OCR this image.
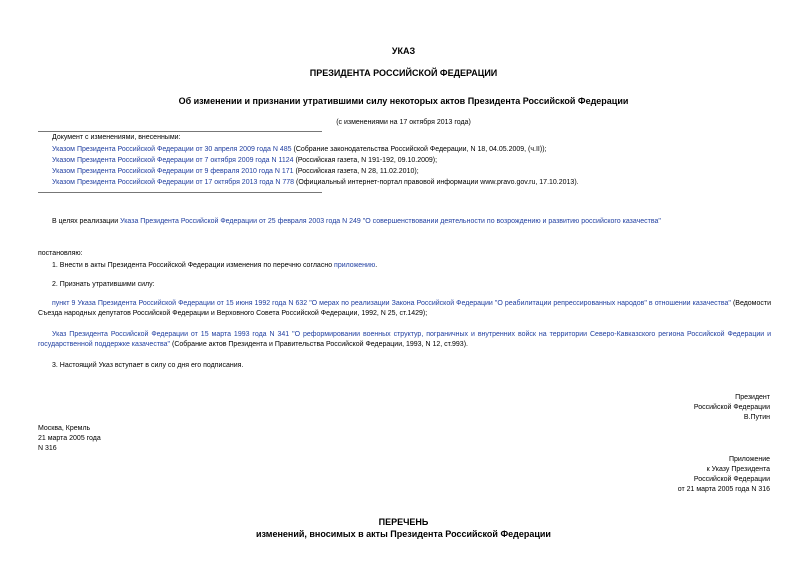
УКАЗ
ПРЕЗИДЕНТА РОССИЙСКОЙ ФЕДЕРАЦИИ
Об изменении и признании утратившими силу некоторых актов Президента Российской Федерации
(с изменениями на 17 октября 2013 года)
Документ с изменениями, внесенными:
Указом Президента Российской Федерации от 30 апреля 2009 года N 485 (Собрание законодательства Российской Федерации, N 18, 04.05.2009, (ч.II));
Указом Президента Российской Федерации от 7 октября 2009 года N 1124 (Российская газета, N 191-192, 09.10.2009);
Указом Президента Российской Федерации от 9 февраля 2010 года N 171 (Российская газета, N 28, 11.02.2010);
Указом Президента Российской Федерации от 17 октября 2013 года N 778 (Официальный интернет-портал правовой информации www.pravo.gov.ru, 17.10.2013).
В целях реализации Указа Президента Российской Федерации от 25 февраля 2003 года N 249 "О совершенствовании деятельности по возрождению и развитию российского казачества"
постановляю:
1. Внести в акты Президента Российской Федерации изменения по перечню согласно приложению.
2. Признать утратившими силу:
пункт 9 Указа Президента Российской Федерации от 15 июня 1992 года N 632 "О мерах по реализации Закона Российской Федерации "О реабилитации репрессированных народов" в отношении казачества" (Ведомости Съезда народных депутатов Российской Федерации и Верховного Совета Российской Федерации, 1992, N 25, ст.1429);
Указ Президента Российской Федерации от 15 марта 1993 года N 341 "О реформировании военных структур, пограничных и внутренних войск на территории Северо-Кавказского региона Российской Федерации и государственной поддержке казачества" (Собрание актов Президента и Правительства Российской Федерации, 1993, N 12, ст.993).
3. Настоящий Указ вступает в силу со дня его подписания.
Президент
Российской Федерации
В.Путин
Москва, Кремль
21 марта 2005 года
N 316
Приложение
к Указу Президента
Российской Федерации
от 21 марта 2005 года N 316
ПЕРЕЧЕНЬ
изменений, вносимых в акты Президента Российской Федерации
